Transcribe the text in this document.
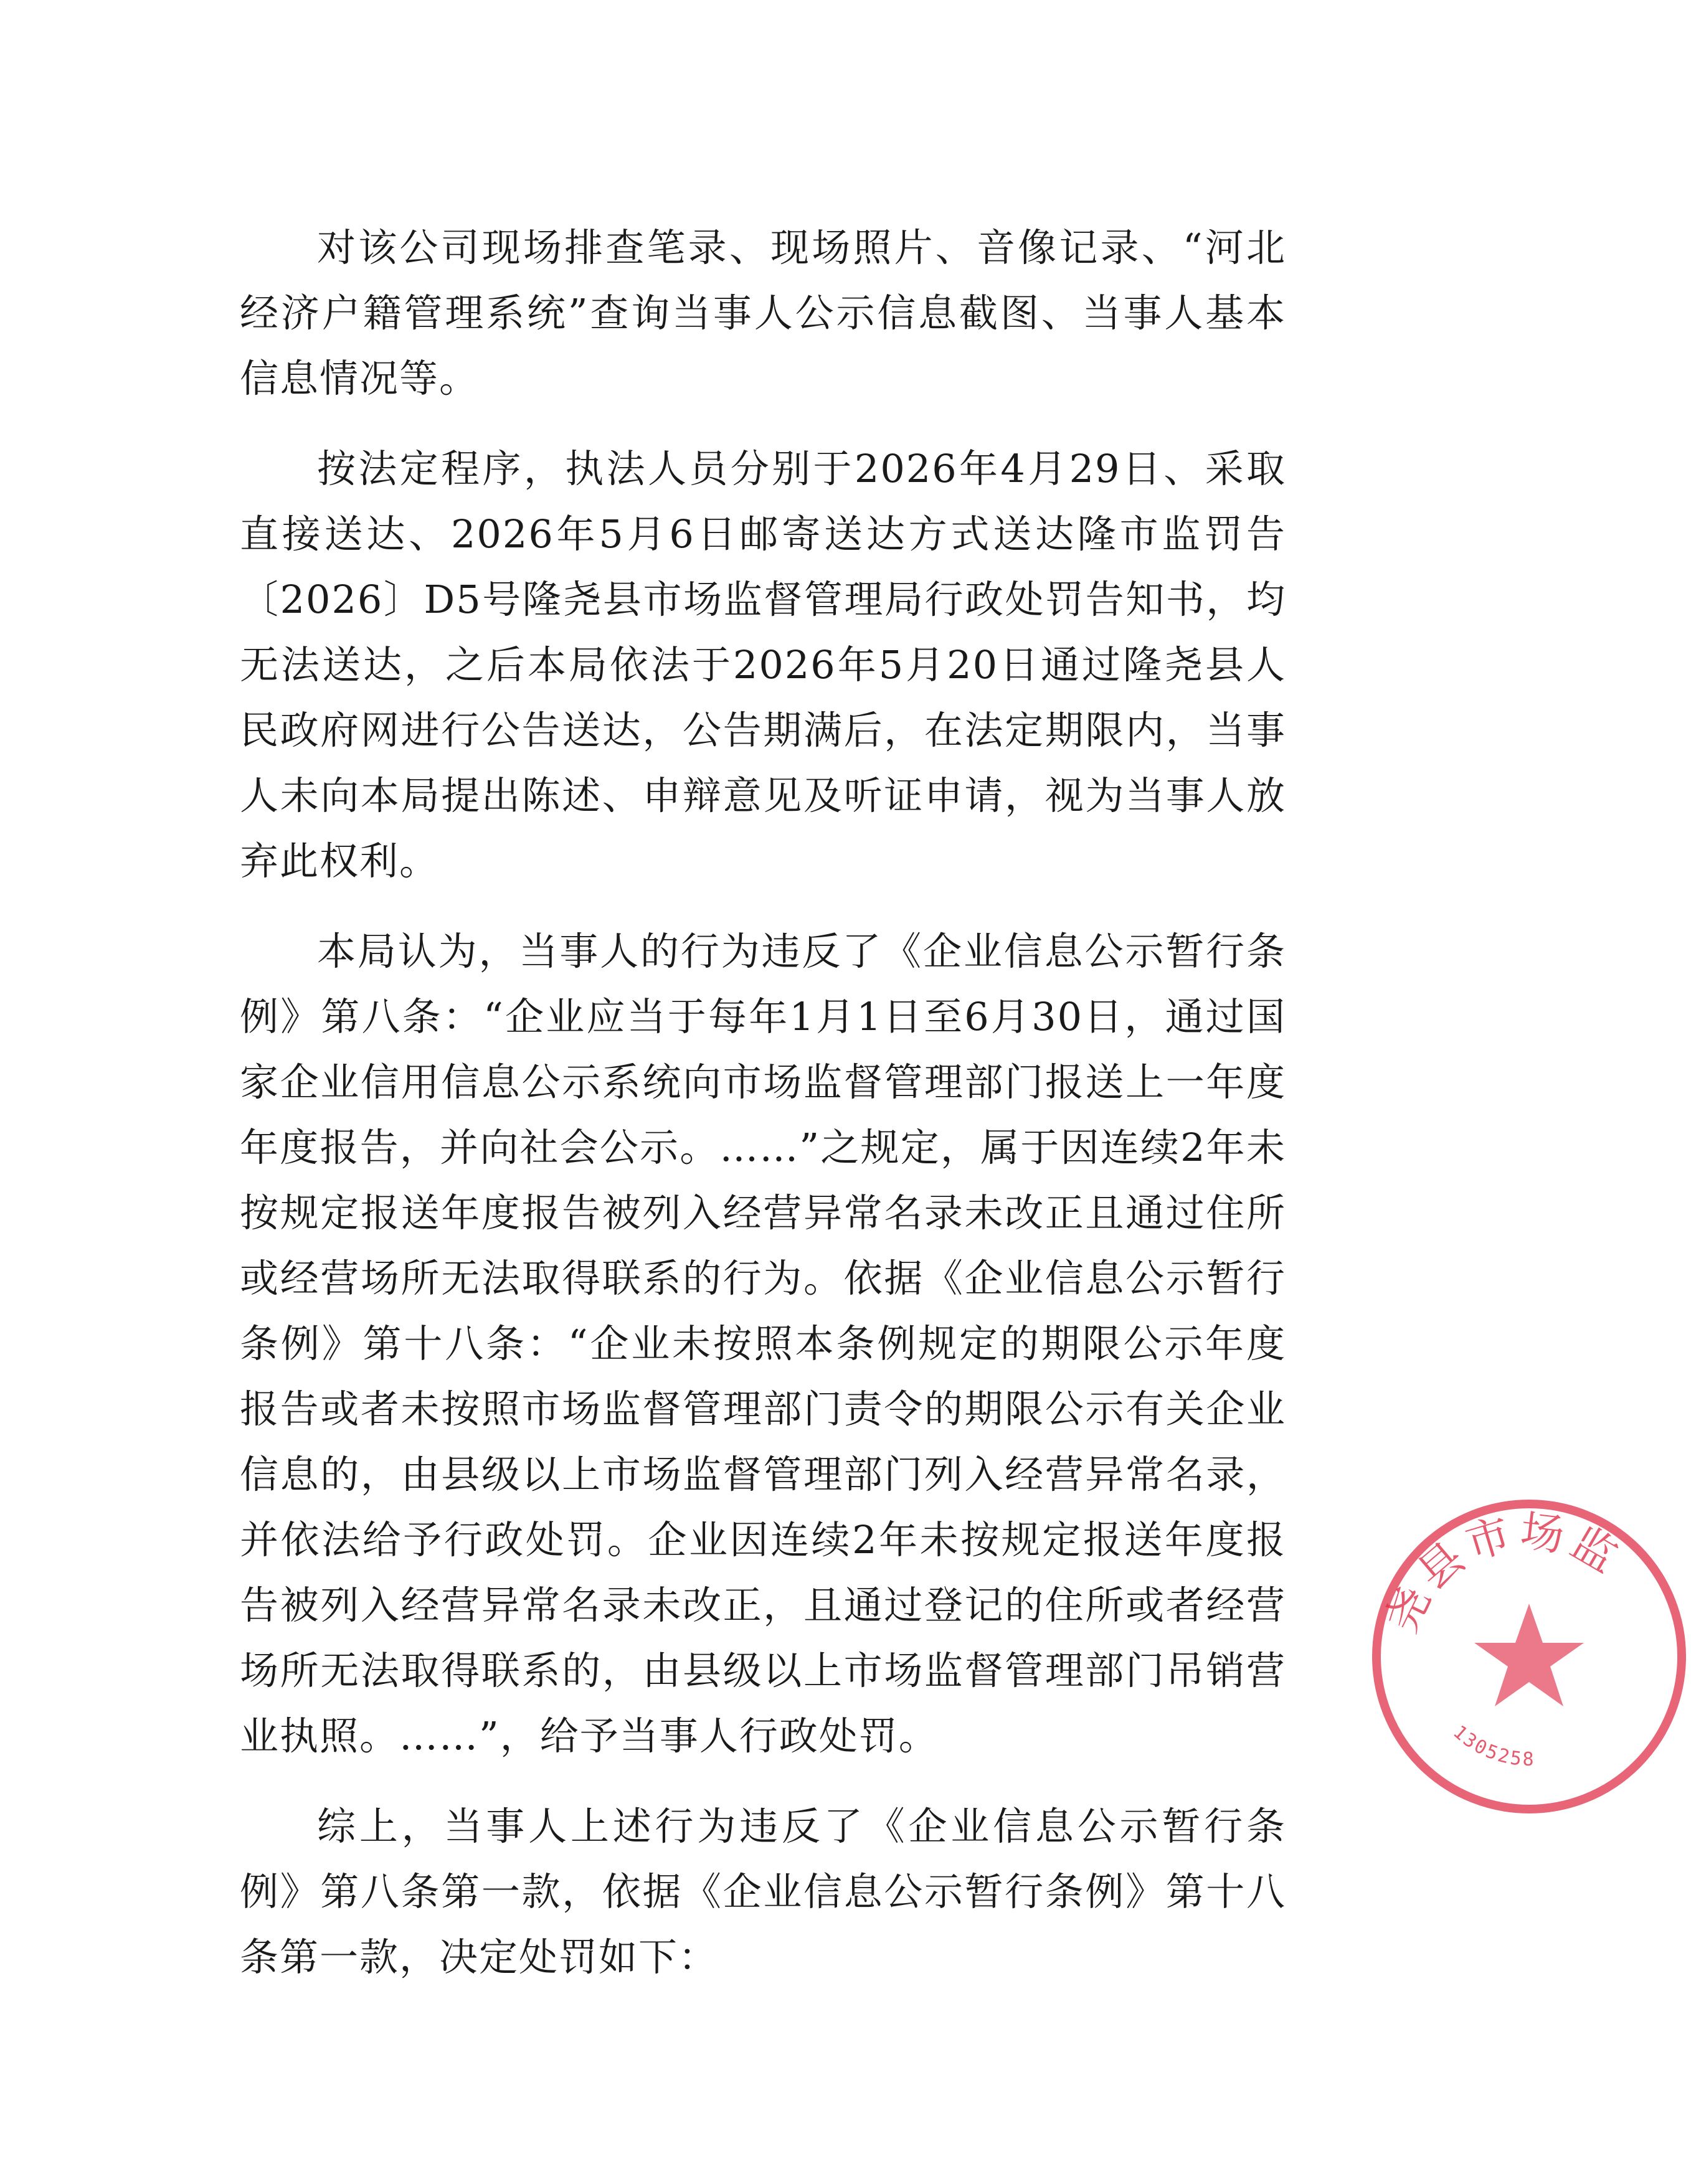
对该公司现场排查笔录、现场照片、音像记录、“河北经济户籍管理系统”查询当事人公示信息截图、当事人基本信息情况等。

按法定程序，执法人员分别于2026年4月29日、采取直接送达、2026年5月6日邮寄送达方式送达隆市监罚告〔2026〕D5号隆尧县市场监督管理局行政处罚告知书，均无法送达，之后本局依法于2026年5月20日通过隆尧县人民政府网进行公告送达，公告期满后，在法定期限内，当事人未向本局提出陈述、申辩意见及听证申请，视为当事人放弃此权利。

本局认为，当事人的行为违反了《企业信息公示暂行条例》第八条：“企业应当于每年1月1日至6月30日，通过国家企业信用信息公示系统向市场监督管理部门报送上一年度年度报告，并向社会公示。……”之规定，属于因连续2年未按规定报送年度报告被列入经营异常名录未改正且通过住所或经营场所无法取得联系的行为。依据《企业信息公示暂行条例》第十八条：“企业未按照本条例规定的期限公示年度报告或者未按照市场监督管理部门责令的期限公示有关企业信息的，由县级以上市场监督管理部门列入经营异常名录，并依法给予行政处罚。企业因连续2年未按规定报送年度报告被列入经营异常名录未改正，且通过登记的住所或者经营场所无法取得联系的，由县级以上市场监督管理部门吊销营业执照。……”，给予当事人行政处罚。

综上，当事人上述行为违反了《企业信息公示暂行条例》第八条第一款，依据《企业信息公示暂行条例》第十八条第一款，决定处罚如下：

尧县市场监
1305258
